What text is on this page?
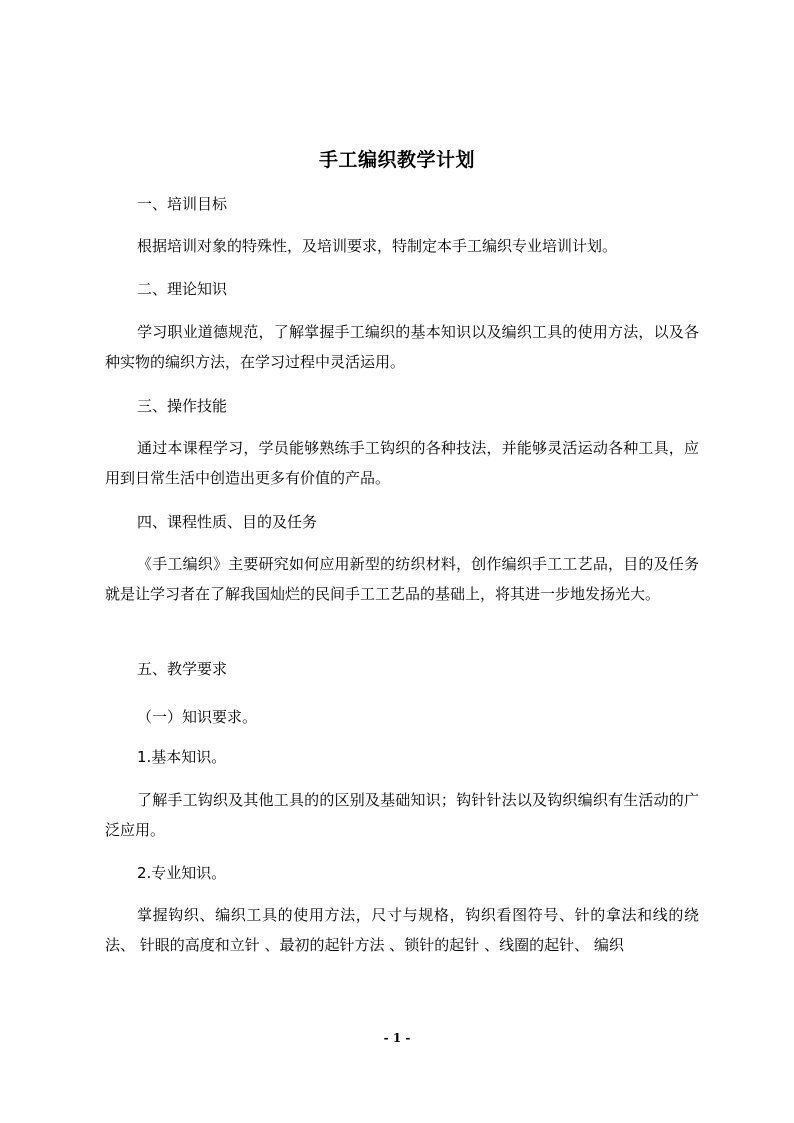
手工编织教学计划
一、培训目标
根据培训对象的特殊性，及培训要求，特制定本手工编织专业培训计划。
二、理论知识
学习职业道德规范，了解掌握手工编织的基本知识以及编织工具的使用方法，以及各种实物的编织方法，在学习过程中灵活运用。
三、操作技能
通过本课程学习，学员能够熟练手工钩织的各种技法，并能够灵活运动各种工具，应用到日常生活中创造出更多有价值的产品。
四、课程性质、目的及任务
《手工编织》主要研究如何应用新型的纺织材料，创作编织手工工艺品，目的及任务就是让学习者在了解我国灿烂的民间手工工艺品的基础上，将其进一步地发扬光大。
五、教学要求
（一）知识要求。
1.基本知识。
了解手工钩织及其他工具的的区别及基础知识；钩针针法以及钩织编织有生活动的广泛应用。
2.专业知识。
掌握钩织、编织工具的使用方法，尺寸与规格，钩织看图符号、针的拿法和线的绕法、 针眼的高度和立针 、最初的起针方法 、锁针的起针 、线圈的起针、 编织
- 1 -
